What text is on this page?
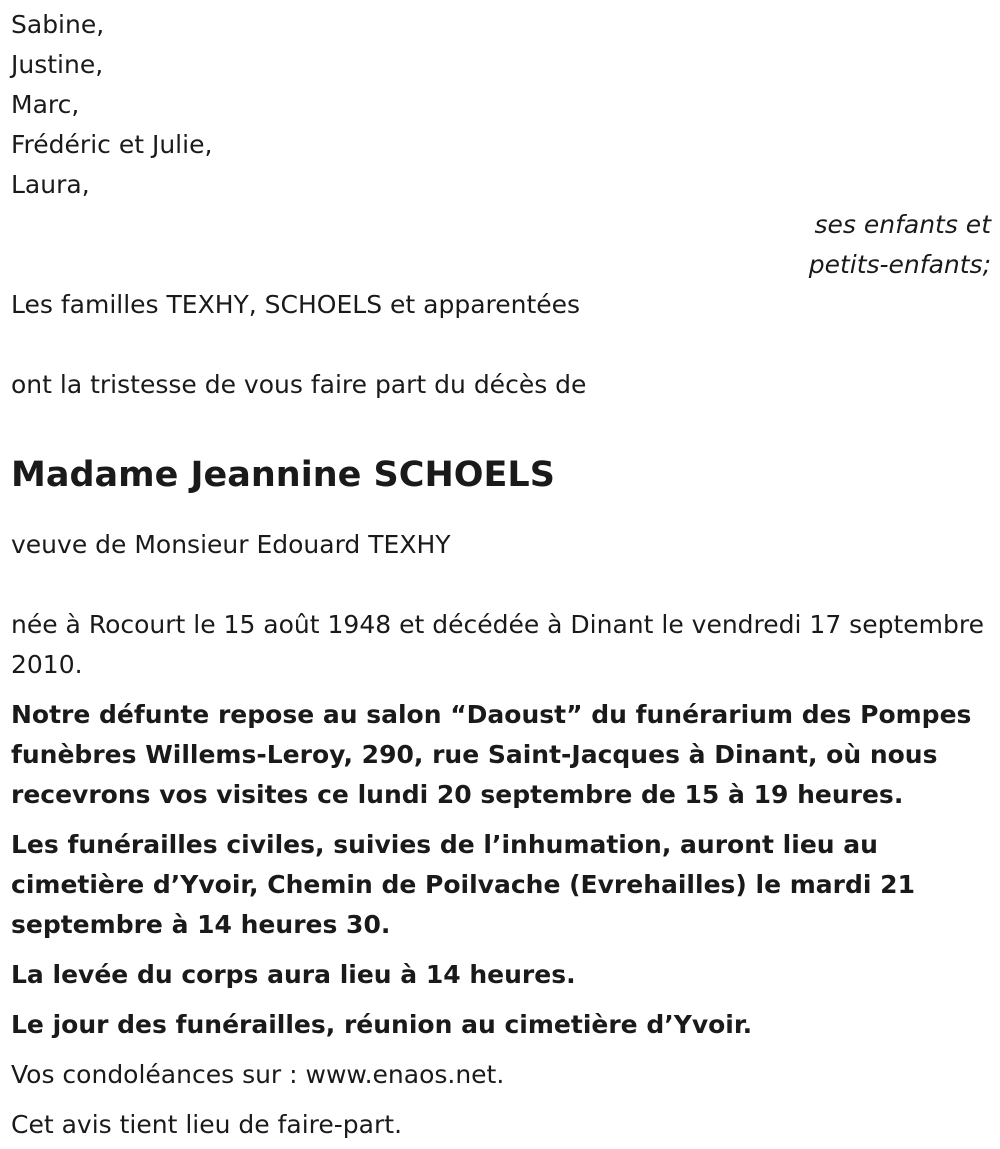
Sabine,
Justine,
Marc,
Frédéric et Julie,
Laura,
ses enfants et
petits-enfants;
Les familles TEXHY, SCHOELS et apparentées
ont la tristesse de vous faire part du décès de
Madame Jeannine SCHOELS
veuve de Monsieur Edouard TEXHY

née à Rocourt le 15 août 1948 et décédée à Dinant le vendredi 17 septembre 2010.

Notre défunte repose au salon “Daoust” du funérarium des Pompes funèbres Willems-Leroy, 290, rue Saint-Jacques à Dinant, où nous recevrons vos visites ce lundi 20 septembre de 15 à 19 heures.

Les funérailles civiles, suivies de l’inhumation, auront lieu au cimetière d’Yvoir, Chemin de Poilvache (Evrehailles) le mardi 21 septembre à 14 heures 30.

La levée du corps aura lieu à 14 heures.

Le jour des funérailles, réunion au cimetière d’Yvoir.

Vos condoléances sur : www.enaos.net.

Cet avis tient lieu de faire-part.
